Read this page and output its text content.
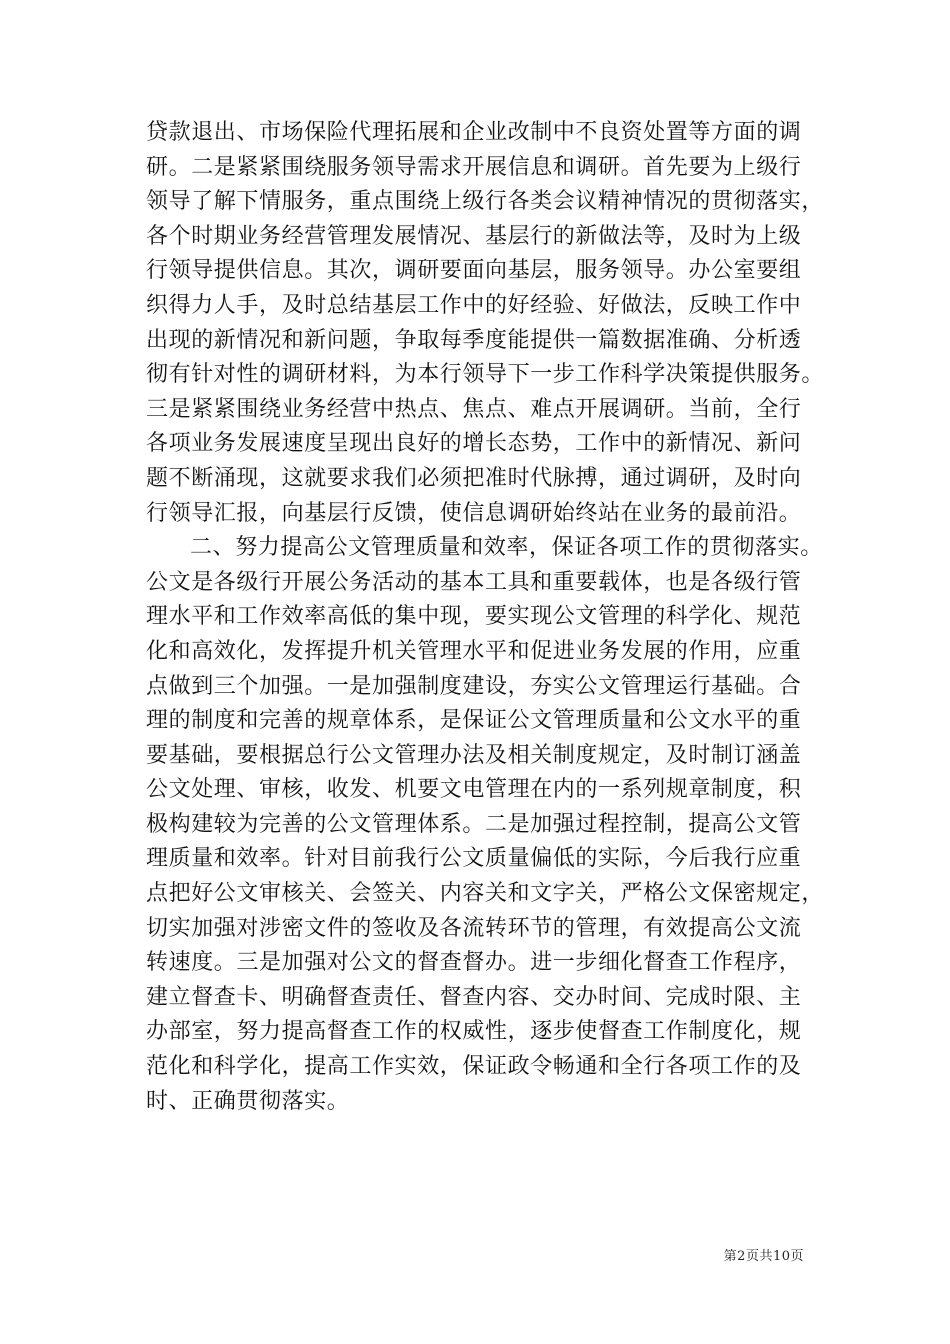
贷款退出、市场保险代理拓展和企业改制中不良资处置等方面的调
研。二是紧紧围绕服务领导需求开展信息和调研。首先要为上级行
领导了解下情服务，重点围绕上级行各类会议精神情况的贯彻落实，
各个时期业务经营管理发展情况、基层行的新做法等，及时为上级
行领导提供信息。其次，调研要面向基层，服务领导。办公室要组
织得力人手，及时总结基层工作中的好经验、好做法，反映工作中
出现的新情况和新问题，争取每季度能提供一篇数据准确、分析透
彻有针对性的调研材料，为本行领导下一步工作科学决策提供服务。
三是紧紧围绕业务经营中热点、焦点、难点开展调研。当前，全行
各项业务发展速度呈现出良好的增长态势，工作中的新情况、新问
题不断涌现，这就要求我们必须把准时代脉搏，通过调研，及时向
行领导汇报，向基层行反馈，使信息调研始终站在业务的最前沿。
二、努力提高公文管理质量和效率，保证各项工作的贯彻落实。
公文是各级行开展公务活动的基本工具和重要载体，也是各级行管
理水平和工作效率高低的集中现，要实现公文管理的科学化、规范
化和高效化，发挥提升机关管理水平和促进业务发展的作用，应重
点做到三个加强。一是加强制度建设，夯实公文管理运行基础。合
理的制度和完善的规章体系，是保证公文管理质量和公文水平的重
要基础，要根据总行公文管理办法及相关制度规定，及时制订涵盖
公文处理、审核，收发、机要文电管理在内的一系列规章制度，积
极构建较为完善的公文管理体系。二是加强过程控制，提高公文管
理质量和效率。针对目前我行公文质量偏低的实际，今后我行应重
点把好公文审核关、会签关、内容关和文字关，严格公文保密规定，
切实加强对涉密文件的签收及各流转环节的管理，有效提高公文流
转速度。三是加强对公文的督查督办。进一步细化督查工作程序，
建立督查卡、明确督查责任、督查内容、交办时间、完成时限、主
办部室，努力提高督查工作的权威性，逐步使督查工作制度化，规
范化和科学化，提高工作实效，保证政令畅通和全行各项工作的及
时、正确贯彻落实。
第2页共10页
